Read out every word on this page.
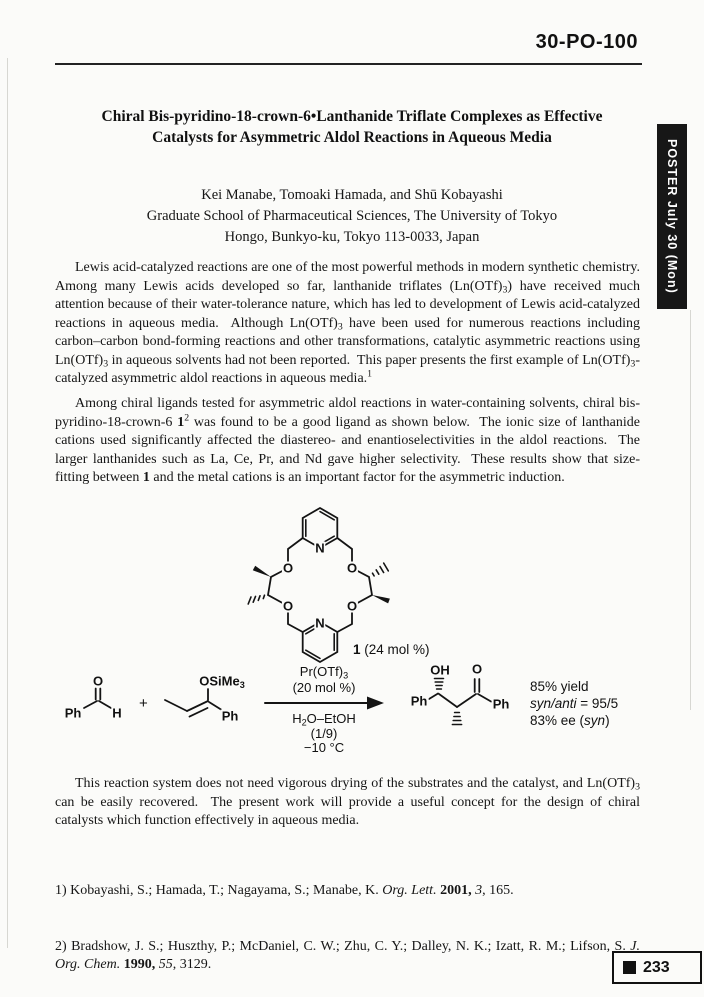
30-PO-100
Chiral Bis-pyridino-18-crown-6•Lanthanide Triflate Complexes as Effective
Catalysts for Asymmetric Aldol Reactions in Aqueous Media
Kei Manabe, Tomoaki Hamada, and Shū Kobayashi
Graduate School of Pharmaceutical Sciences, The University of Tokyo
Hongo, Bunkyo-ku, Tokyo 113-0033, Japan
Lewis acid-catalyzed reactions are one of the most powerful methods in modern synthetic chemistry.  Among many Lewis acids developed so far, lanthanide triflates $(Ln(OTf)_3)$ have received much attention because of their water-tolerance nature, which has led to development of Lewis acid-catalyzed reactions in aqueous media.  Although $Ln(OTf)_3$ have been used for numerous reactions including carbon–carbon bond-forming reactions and other transformations, catalytic asymmetric reactions using $Ln(OTf)_3$ in aqueous solvents had not been reported.  This paper presents the first example of $Ln(OTf)_3$-catalyzed asymmetric aldol reactions in aqueous media.$^1$
Among chiral ligands tested for asymmetric aldol reactions in water-containing solvents, chiral bis-pyridino-18-crown-6 $1^2$ was found to be a good ligand as shown below.  The ionic size of lanthanide cations used significantly affected the diastereo- and enantioselectivities in the aldol reactions.  The larger lanthanides such as La, Ce, Pr, and Nd gave higher selectivity.  These results show that size-fitting between 1 and the metal cations is an important factor for the asymmetric induction.
N
N
O	O
O	O
1 (24 mol %)
Ph
O
H
+
OSiMe$_3$
Ph
$Pr(OTf)_3$
(20 mol %)
$H_2O$–EtOH
(1/9)
−10 °C
OH O
Ph	Ph
85% yield
syn/anti = 95/5
83% ee (syn)
This reaction system does not need vigorous drying of the substrates and the catalyst, and $Ln(OTf)_3$ can be easily recovered.  The present work will provide a useful concept for the design of chiral catalysts which function effectively in aqueous media.

1) Kobayashi, S.; Hamada, T.; Nagayama, S.; Manabe, K. Org. Lett. 2001, 3, 165.

2) Bradshow, J. S.; Huszthy, P.; McDaniel, C. W.; Zhu, C. Y.; Dalley, N. K.; Izatt, R. M.; Lifson, S. J. Org. Chem. 1990, 55, 3129.

POSTER July 30 (Mon)
233
